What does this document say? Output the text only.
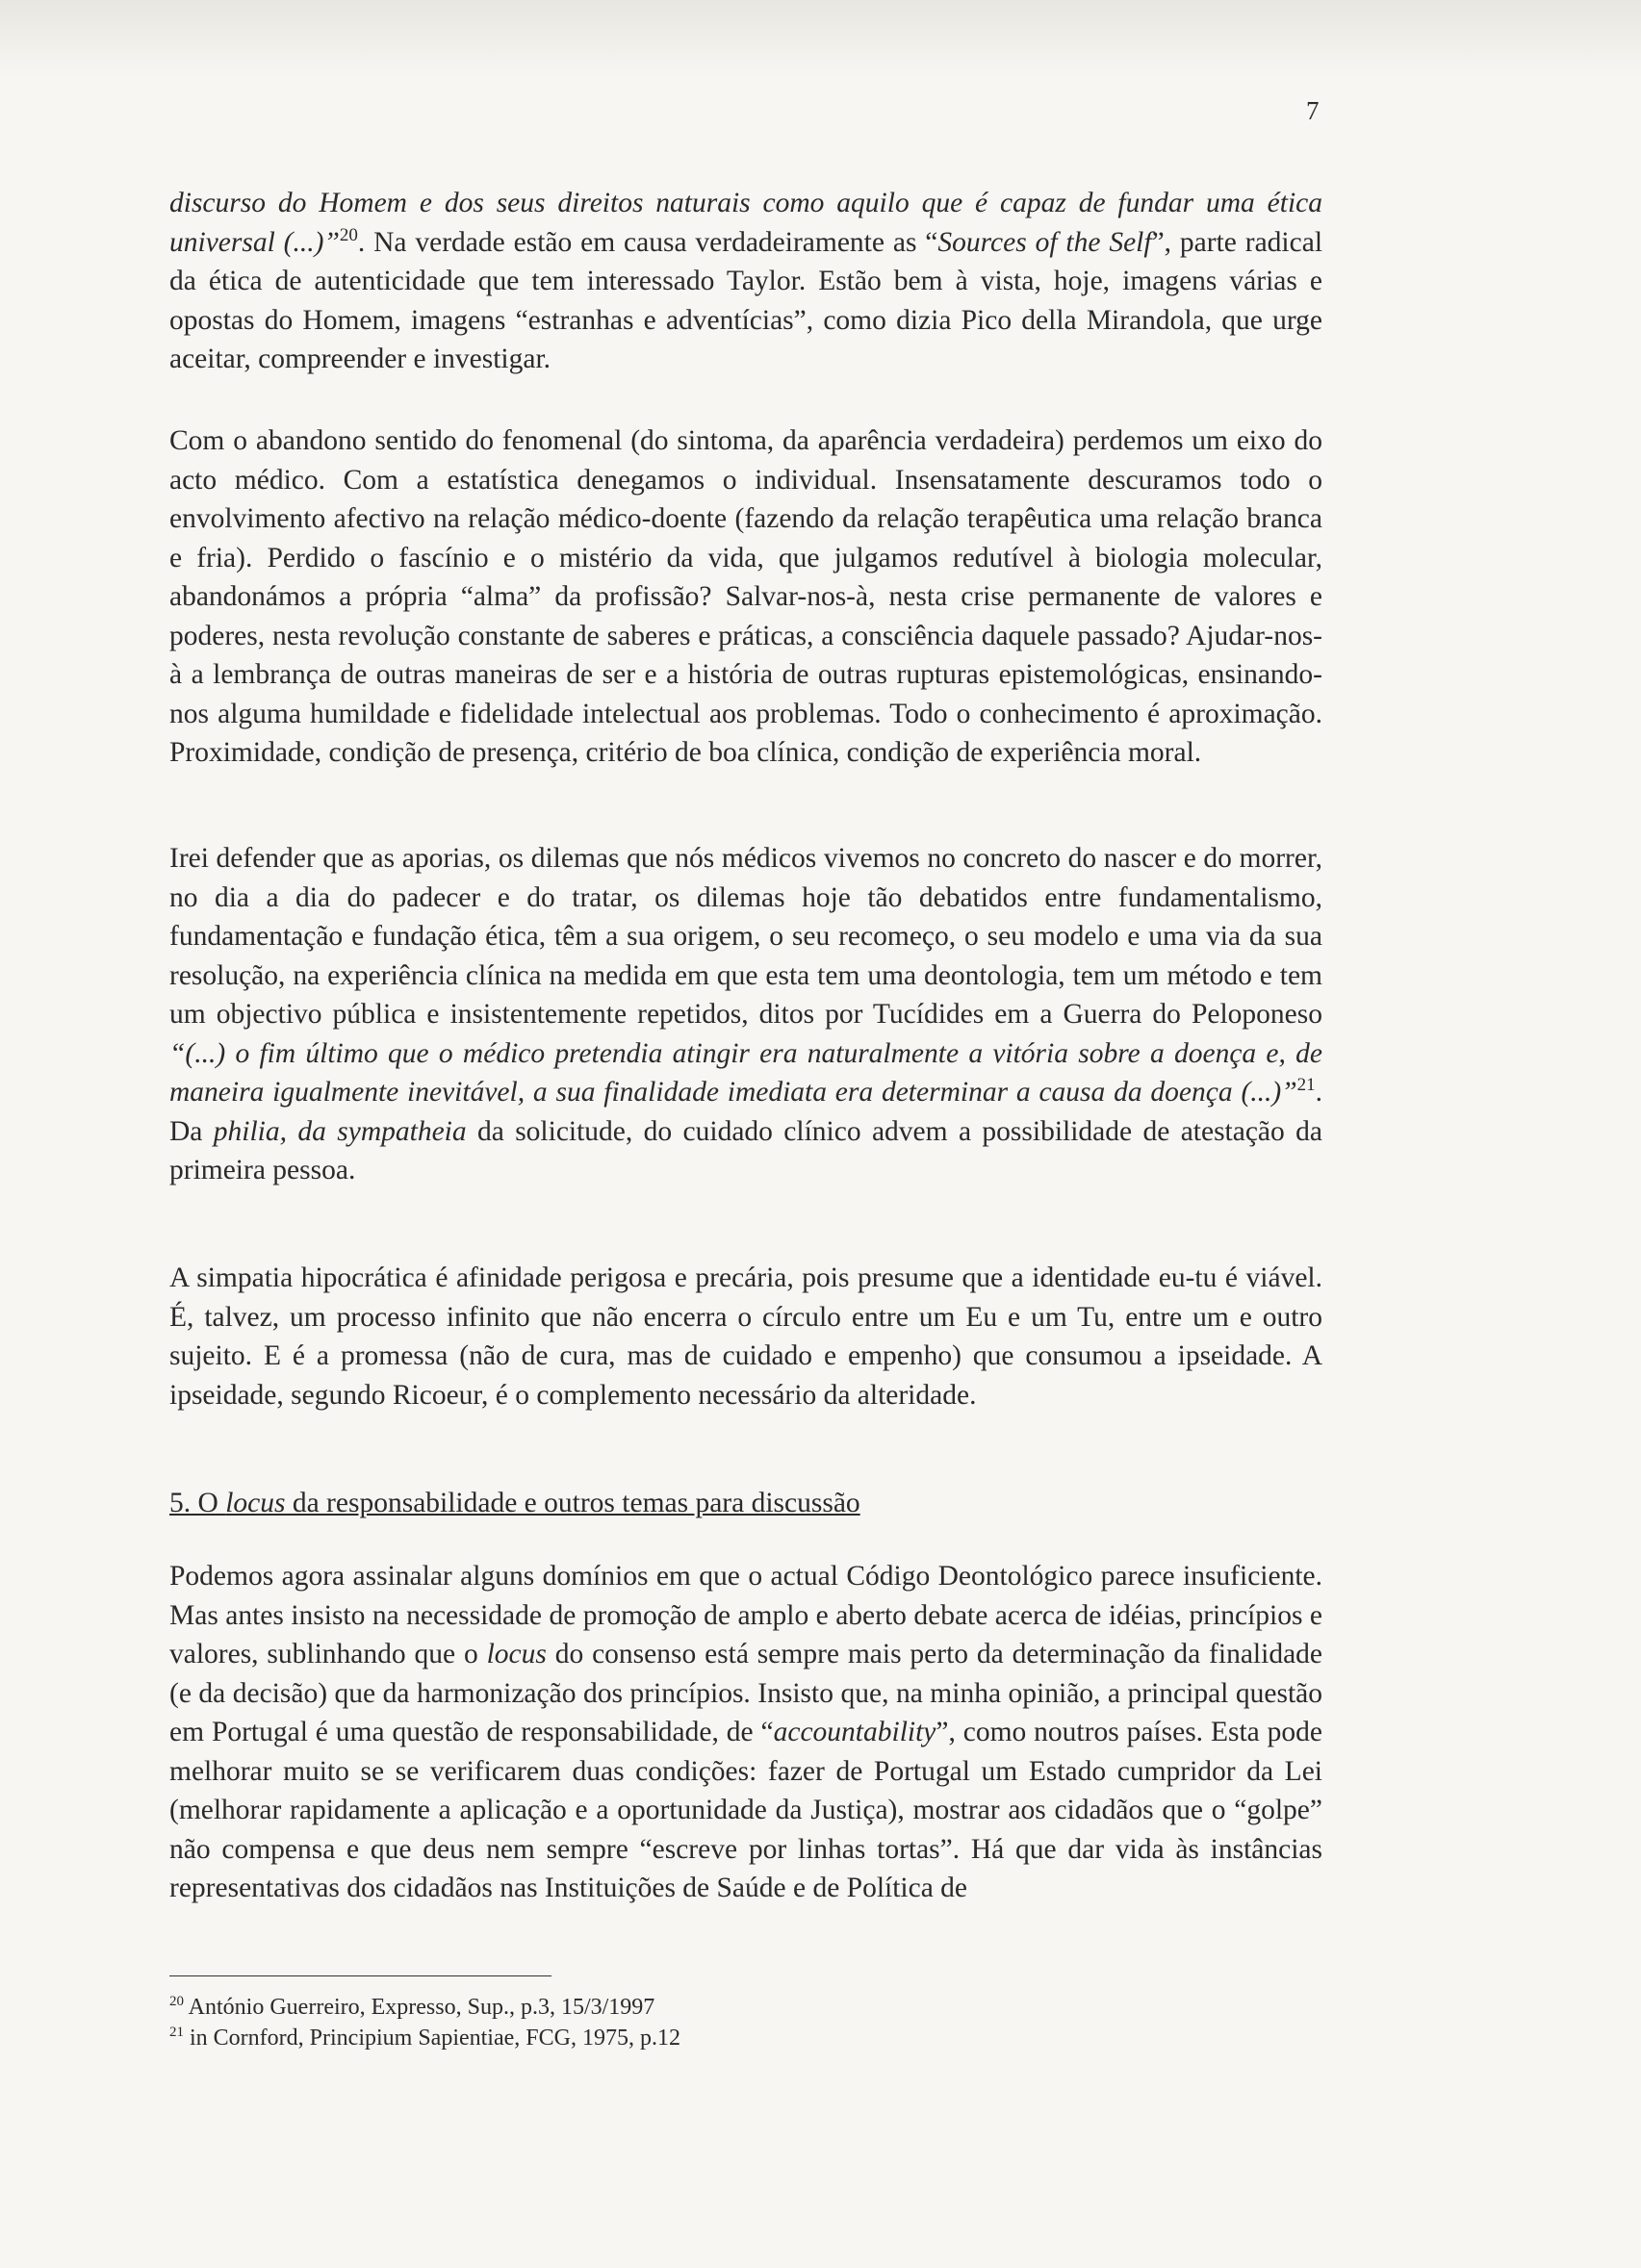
7

discurso do Homem e dos seus direitos naturais como aquilo que é capaz de fundar uma ética universal (...)”$^{20}$. Na verdade estão em causa verdadeiramente as “Sources of the Self”, parte radical da ética de autenticidade que tem interessado Taylor. Estão bem à vista, hoje, imagens várias e opostas do Homem, imagens “estranhas e adventícias”, como dizia Pico della Mirandola, que urge aceitar, compreender e investigar.

Com o abandono sentido do fenomenal (do sintoma, da aparência verdadeira) perdemos um eixo do acto médico. Com a estatística denegamos o individual. Insensatamente descuramos todo o envolvimento afectivo na relação médico-doente (fazendo da relação terapêutica uma relação branca e fria). Perdido o fascínio e o mistério da vida, que julgamos redutível à biologia molecular, abandonámos a própria “alma” da profissão? Salvar-nos-à, nesta crise permanente de valores e poderes, nesta revolução constante de saberes e práticas, a consciência daquele passado? Ajudar-nos-à a lembrança de outras maneiras de ser e a história de outras rupturas epistemológicas, ensinando-nos alguma humildade e fidelidade intelectual aos problemas. Todo o conhecimento é aproximação. Proximidade, condição de presença, critério de boa clínica, condição de experiência moral.

Irei defender que as aporias, os dilemas que nós médicos vivemos no concreto do nascer e do morrer, no dia a dia do padecer e do tratar, os dilemas hoje tão debatidos entre fundamentalismo, fundamentação e fundação ética, têm a sua origem, o seu recomeço, o seu modelo e uma via da sua resolução, na experiência clínica na medida em que esta tem uma deontologia, tem um método e tem um objectivo pública e insistentemente repetidos, ditos por Tucídides em a Guerra do Peloponeso “(...) o fim último que o médico pretendia atingir era naturalmente a vitória sobre a doença e, de maneira igualmente inevitável, a sua finalidade imediata era determinar a causa da doença (...)”$^{21}$. Da philia, da sympatheia da solicitude, do cuidado clínico advem a possibilidade de atestação da primeira pessoa.

A simpatia hipocrática é afinidade perigosa e precária, pois presume que a identidade eu-tu é viável. É, talvez, um processo infinito que não encerra o círculo entre um Eu e um Tu, entre um e outro sujeito. E é a promessa (não de cura, mas de cuidado e empenho) que consumou a ipseidade. A ipseidade, segundo Ricoeur, é o complemento necessário da alteridade.

5. O locus da responsabilidade e outros temas para discussão

Podemos agora assinalar alguns domínios em que o actual Código Deontológico parece insuficiente. Mas antes insisto na necessidade de promoção de amplo e aberto debate acerca de idéias, princípios e valores, sublinhando que o locus do consenso está sempre mais perto da determinação da finalidade (e da decisão) que da harmonização dos princípios. Insisto que, na minha opinião, a principal questão em Portugal é uma questão de responsabilidade, de “accountability”, como noutros países. Esta pode melhorar muito se se verificarem duas condições: fazer de Portugal um Estado cumpridor da Lei (melhorar rapidamente a aplicação e a oportunidade da Justiça), mostrar aos cidadãos que o “golpe” não compensa e que deus nem sempre “escreve por linhas tortas”. Há que dar vida às instâncias representativas dos cidadãos nas Instituições de Saúde e de Política de

$^{20}$ António Guerreiro, Expresso, Sup., p.3, 15/3/1997

$^{21}$ in Cornford, Principium Sapientiae, FCG, 1975, p.12
